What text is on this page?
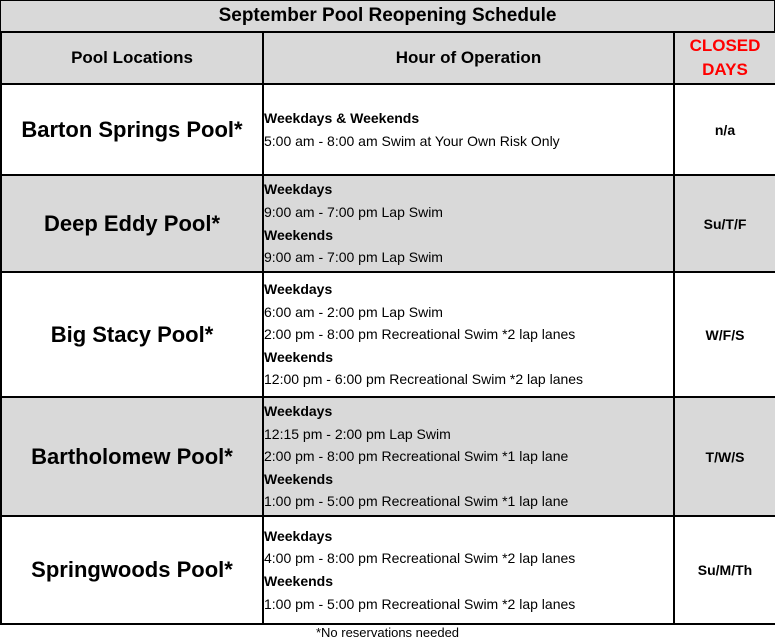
September Pool Reopening Schedule
Pool Locations	Hour of Operation	CLOSED
DAYS

Barton Springs Pool*	Weekdays & Weekends
5:00 am - 8:00 am Swim at Your Own Risk Only	n/a
Deep Eddy Pool*	Weekdays
9:00 am - 7:00 pm Lap Swim
Weekends
9:00 am - 7:00 pm Lap Swim	Su/T/F
Big Stacy Pool*	Weekdays
6:00 am - 2:00 pm Lap Swim
2:00 pm - 8:00 pm Recreational Swim *2 lap lanes
Weekends
12:00 pm - 6:00 pm Recreational Swim *2 lap lanes	W/F/S
Bartholomew Pool*	Weekdays
12:15 pm - 2:00 pm Lap Swim
2:00 pm - 8:00 pm Recreational Swim *1 lap lane
Weekends
1:00 pm - 5:00 pm Recreational Swim *1 lap lane	T/W/S
Springwoods Pool*	Weekdays
4:00 pm - 8:00 pm Recreational Swim *2 lap lanes
Weekends
1:00 pm - 5:00 pm Recreational Swim *2 lap lanes	Su/M/Th
*No reservations needed
